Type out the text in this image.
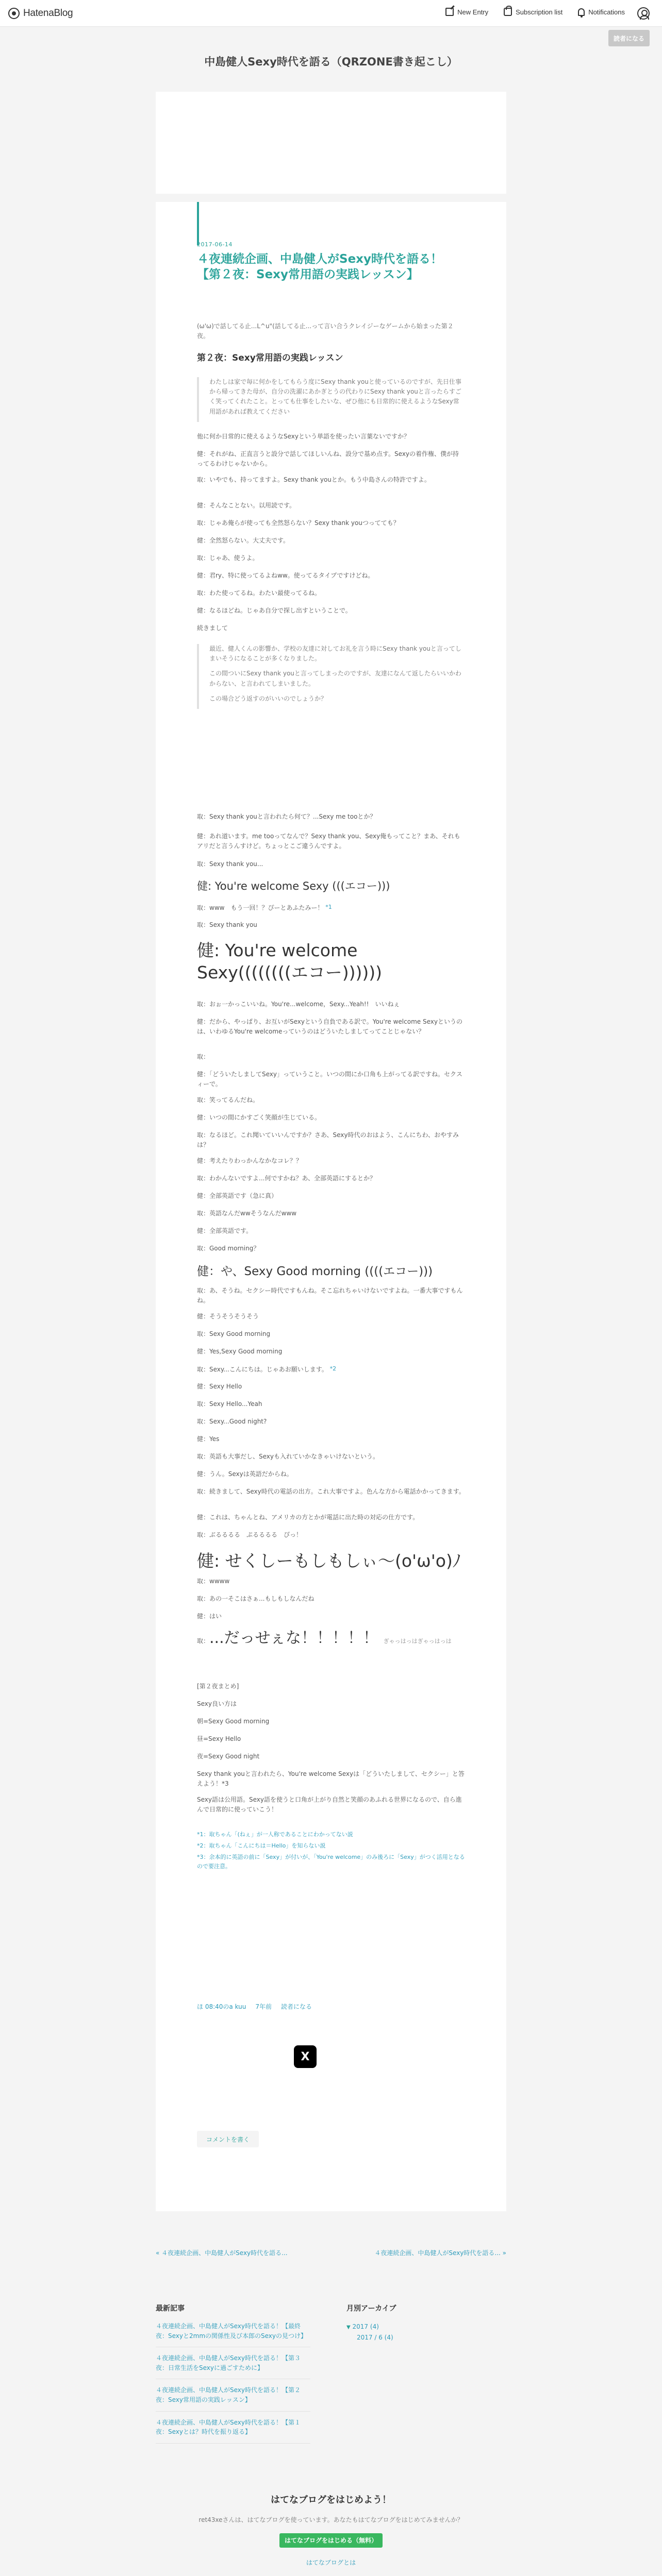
HatenaBlog	New Entry	Subscription list	Notifications
読者になる
中島健人Sexy時代を語る（QRZONE書き起こし）
2017-06-14
４夜連続企画、中島健人がSexy時代を語る！【第２夜：Sexy常用語の実践レッスン】

(ω'ω)で話してる止...L^u"(話してる止...って言い合うクレイジーなゲームから始まった第２夜。

第２夜：Sexy常用語の実践レッスン

わたしは家で毎に何かをしてもらう度にSexy thank youと使っているのですが、先日仕事から帰ってきた母が、自分の洗濯にあかぎとうの代わりにSexy thank youと言ったらすごく笑ってくれたこと。とっても仕事をしたいな、ぜひ他にも日常的に使えるようなSexy常用語があれば教えてください

他に何か日常的に使えるようなSexyという単語を使ったい言葉ないですか？
健：それがね、正直言うと設分で話してほしいんね、設分で基め点す。Sexyの着作権、僕が持ってるわけじゃないから。
取：いやでも、持ってますよ。Sexy thank youとか。もう中島さんの特許ですよ。
健：そんなことない。以用読です。
取：じゃあ俺らが使っても全然怒らない？Sexy thank youつってても？
健：全然怒らない。大丈夫です。
取：じゃあ、使うよ。
健：君ry、特に使ってるよねww。使ってるタイプですけどね。
取：わた使ってるね。わたい最使ってるね。
健：なるほどね。じゃあ自分で探し出すということで。
続きまして

最近、健人くんの影響か、学校の友達に対してお礼を言う時にSexy thank youと言ってしまいそうになることが多くなりました。

この間ついにSexy thank youと言ってしまったのですが、友達になんて返したらいいかわからない、と言われてしまいました。

この場合どう返すのがいいのでしょうか？

取：Sexy thank youと言われたら何て？...Sexy me tooとか？
健：あれ道います。me tooってなんで？Sexy thank you、Sexy俺もってこと？まあ、それもアリだと言うんすけど。ちょっとこご違うんですよ。
取：Sexy thank you...
健: You're welcome Sexy (((エコー)))
取：www　もう一回！？ぴーとあふたみー！ *1
取：Sexy thank you
健: You're welcome Sexy((((((((エコー))))))
取：おぉ一かっこいいね。You're...welcome，Sexy...Yeah!!　いいねぇ
健：だから、やっぱり、お互いがSexyという自負である訳で。You're welcome Sexyというのは、いわゆるYou're welcomeっていうのはどういたしましてってことじゃない？
取：
健：「どういたしましてSexy」っていうこと。いつの間にか口角も上がってる訳ですね。セクスィーで。
取：笑ってるんだね。
健：いつの間にかすごく笑顔が生じている。
取：なるほど。これ聞いていいんですか？さあ、Sexy時代のおはよう、こんにちわ、おやすみは？
健：考えたりわっかんなかなコレ？？
取：わかんないですよ...何ですかね？あ、全部英語にするとか？
健：全部英語です（急に真）
取：英語なんだwwそうなんだwww
健：全部英語です。
取：Good morning？
健：や、Sexy Good morning ((((エコー)))
取：あ、そうね。セクシー時代ですもんね。そこ忘れちゃいけないですよね。一番大事ですもんね。
健：そうそうそうそう
取：Sexy Good morning
健：Yes,Sexy Good morning
取：Sexy...こんにちは。じゃあお願いします。 *2
健：Sexy Hello
取：Sexy Hello...Yeah
取：Sexy...Good night?
健：Yes
取：英語も大事だし、Sexyも入れていかなきゃいけないという。
健：うん。Sexyは英語だからね。
取：続きまして、Sexy時代の電話の出方。これ大事ですよ。色んな方から電話かかってきます。
健：これは、ちゃんとね、アメリカの方とかが電話に出た時の対応の仕方です。
取：ぶるるるる　ぷるるるる　ぴっ！
健: せくしーもしもしぃ〜(o'ω'o)ﾉ
取：wwww
取：あの一そこはさぁ...もしもしなんだね
健：はい
取：...だっせぇな！！！！！ ぎゃっはっはぎゃっはっは
[第２夜まとめ]
Sexy良い方は
朝=Sexy Good morning
昼=Sexy Hello
夜=Sexy Good night
Sexy thank youと言われたら、You're welcome Sexyは「どういたしまして、セクシー」と答えよう！*3
Sexy語は公用語。Sexy語を使うと口角が上がり自然と笑顔のあふれる世界になるので、自ら進んで日常的に使っていこう！
*1：取ちゃん「(ねぇ」が一人称であることにわかってない説
*2：取ちゃん「こんにちは＝Hello」を知らない説
*3：余本的に英語の前に「Sexy」が付いが、「You're welcome」のみ後ろに「Sexy」がつく活用となるので要注意。
ほ 08:40のa kuu 7年前 読者になる
X
コメントを書く
« ４夜連続企画、中島健人がSexy時代を語る...	４夜連続企画、中島健人がSexy時代を語る... »
最新記事
４夜連続企画、中島健人がSexy時代を語る！【最終夜：Sexyと2mmの関係性及び本郎のSexyの見つけ】
４夜連続企画、中島健人がSexy時代を語る！【第３夜：日常生活をSexyに過ごすために】
４夜連続企画、中島健人がSexy時代を語る！【第２夜：Sexy常用語の実践レッスン】
４夜連続企画、中島健人がSexy時代を語る！【第１夜：Sexyとは？時代を振り返る】
月別アーカイブ
▼ 2017 (4)
2017 / 6 (4)
はてなブログをはじめよう！
ret43xeさんは、はてなブログを使っています。あなたもはてなブログをはじめてみませんか？
はてなブログをはじめる（無料）
はてなブログとは
